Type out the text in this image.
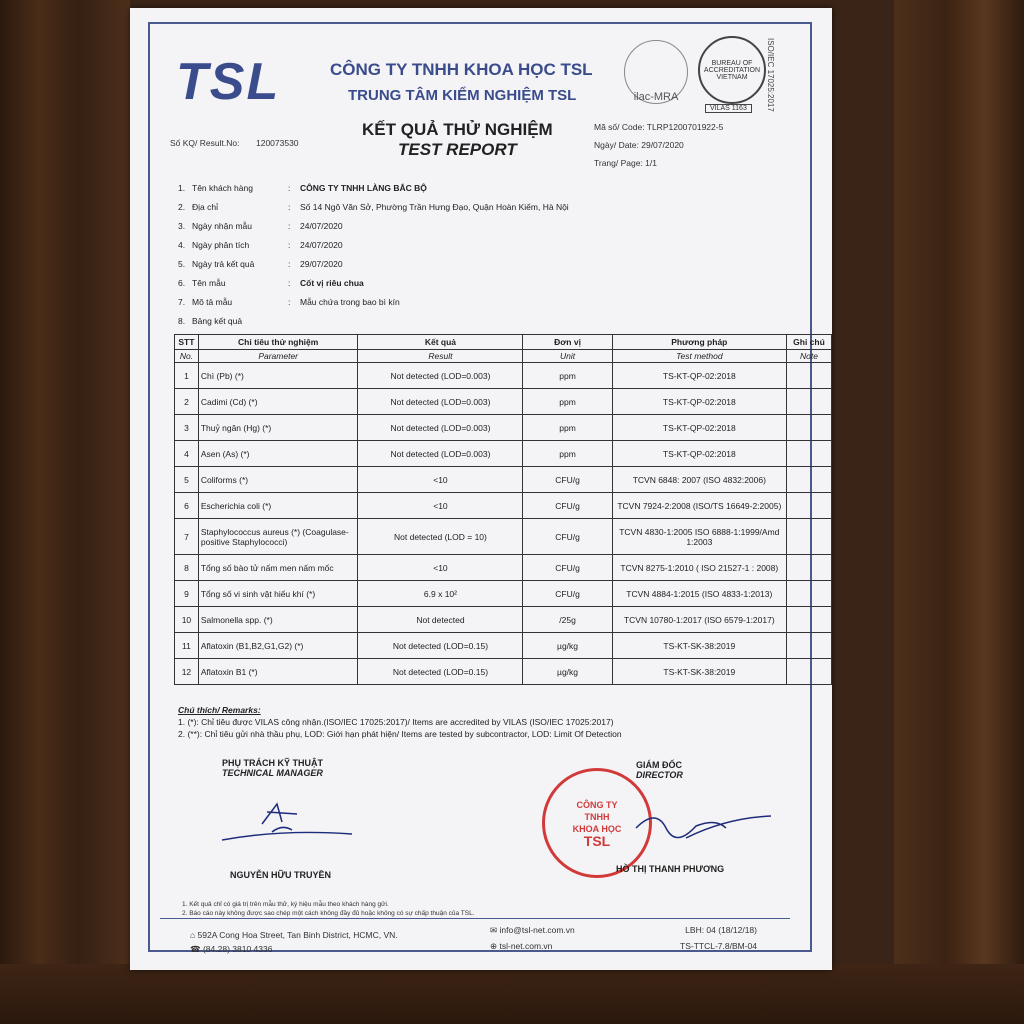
TSL	CÔNG TY TNHH KHOA HỌC TSL
TRUNG TÂM KIỂM NGHIỆM TSL	ilac-MRA
BUREAU OF ACCREDITATION VIETNAM
VILAS 1163	ISO/IEC 17025:2017
Số KQ/ Result.No: 120073530
KẾT QUẢ THỬ NGHIỆM
TEST REPORT
Mã số/ Code: TLRP1200701922-5
Ngày/ Date: 29/07/2020
Trang/ Page: 1/1
1. Tên khách hàng	:	CÔNG TY TNHH LÀNG BẮC BỘ
2. Địa chỉ	:	Số 14 Ngô Văn Sở, Phường Trần Hưng Đạo, Quận Hoàn Kiếm, Hà Nội
3. Ngày nhận mẫu	:	24/07/2020
4. Ngày phân tích	:	24/07/2020
5. Ngày trả kết quả	:	29/07/2020
6. Tên mẫu	:	Cốt vị riêu chua
7. Mô tả mẫu	:	Mẫu chứa trong bao bì kín
8. Bảng kết quả
STT	Chỉ tiêu thử nghiệm	Kết quả	Đơn vị	Phương pháp	Ghi chú
No.	Parameter	Result	Unit	Test method	Note
1	Chì (Pb) (*)	Not detected (LOD=0.003)	ppm	TS-KT-QP-02:2018	
2	Cadimi (Cd) (*)	Not detected (LOD=0.003)	ppm	TS-KT-QP-02:2018	
3	Thuỷ ngân (Hg) (*)	Not detected (LOD=0.003)	ppm	TS-KT-QP-02:2018	
4	Asen (As) (*)	Not detected (LOD=0.003)	ppm	TS-KT-QP-02:2018	
5	Coliforms (*)	<10	CFU/g	TCVN 6848: 2007 (ISO 4832:2006)	
6	Escherichia coli (*)	<10	CFU/g	TCVN 7924-2:2008 (ISO/TS 16649-2:2005)	
7	Staphylococcus aureus (*) (Coagulase-positive Staphylococci)	Not detected (LOD = 10)	CFU/g	TCVN 4830-1:2005 ISO 6888-1:1999/Amd 1:2003	
8	Tổng số bào tử nấm men nấm mốc	<10	CFU/g	TCVN 8275-1:2010 ( ISO 21527-1 : 2008)	
9	Tổng số vi sinh vật hiếu khí (*)	6.9 x 10²	CFU/g	TCVN 4884-1:2015 (ISO 4833-1:2013)	
10	Salmonella spp. (*)	Not detected	/25g	TCVN 10780-1:2017 (ISO 6579-1:2017)	
11	Aflatoxin (B1,B2,G1,G2) (*)	Not detected (LOD=0.15)	µg/kg	TS-KT-SK-38:2019	
12	Aflatoxin B1 (*)	Not detected (LOD=0.15)	µg/kg	TS-KT-SK-38:2019	
Chú thích/ Remarks:
1. (*): Chỉ tiêu được VILAS công nhận.(ISO/IEC 17025:2017)/ Items are accredited by VILAS (ISO/IEC 17025:2017)
2. (**): Chỉ tiêu gửi nhà thầu phụ, LOD: Giới hạn phát hiện/ Items are tested by subcontractor, LOD: Limit Of Detection
PHỤ TRÁCH KỸ THUẬT
TECHNICAL MANAGER
NGUYỄN HỮU TRUYỀN
GIÁM ĐỐC
DIRECTOR
CÔNG TY
TNHH
KHOA HỌC
TSL
HỒ THỊ THANH PHƯƠNG
1. Kết quả chỉ có giá trị trên mẫu thử, ký hiệu mẫu theo khách hàng gửi.
2. Báo cáo này không được sao chép một cách không đầy đủ hoặc không có sự chấp thuận của TSL.
⌂ 592A Cong Hoa Street, Tan Binh District, HCMC, VN.
☎ (84.28) 3810 4336
✉ info@tsl-net.com.vn
⊕ tsl-net.com.vn
LBH: 04 (18/12/18)
TS-TTCL-7.8/BM-04
